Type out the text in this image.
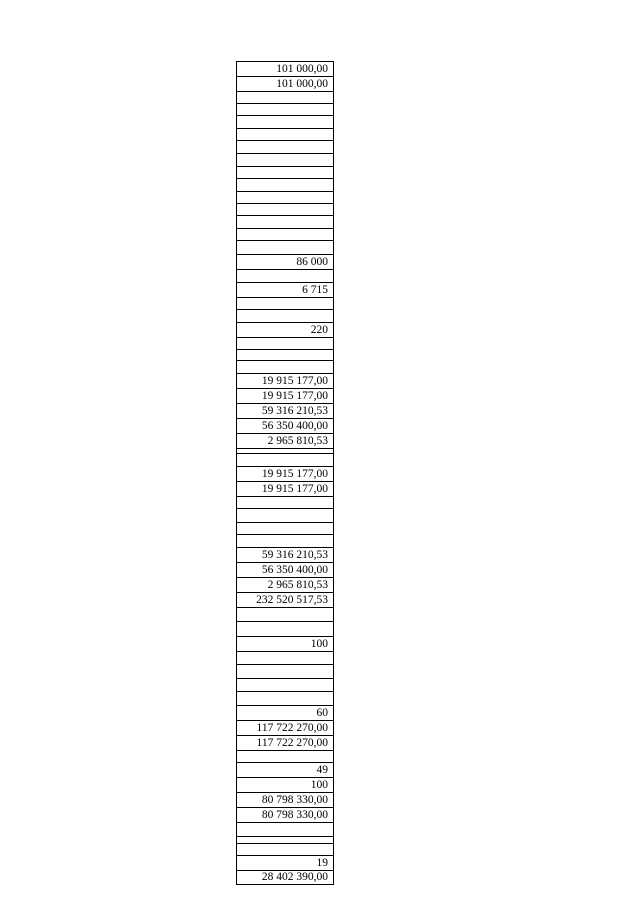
101 000,00
101 000,00
86 000
6 715
220
19 915 177,00
19 915 177,00
59 316 210,53
56 350 400,00
2 965 810,53
19 915 177,00
19 915 177,00
59 316 210,53
56 350 400,00
2 965 810,53
232 520 517,53
100
60
117 722 270,00
117 722 270,00
49
100
80 798 330,00
80 798 330,00
19
28 402 390,00
